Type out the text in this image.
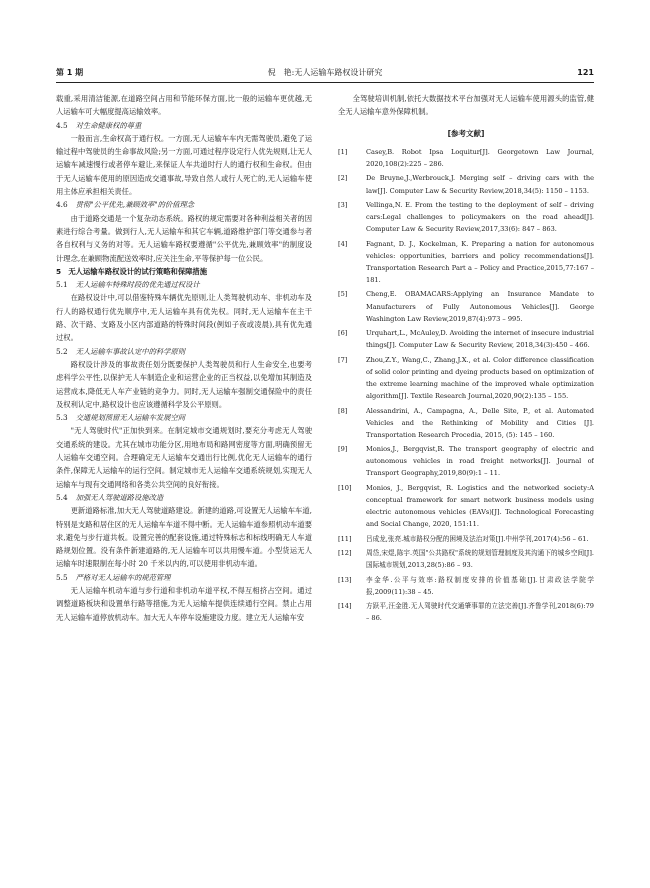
第 1 期	倪　艳:无人运输车路权设计研究	121

载重,采用清洁能源,在道路空间占用和节能环保方面,比一般的运输车更优越,无人运输车可大幅度提高运输效率。

4.5 对生命健康权的尊重

一般而言,生命权高于通行权。一方面,无人运输车车内无需驾驶员,避免了运输过程中驾驶员的生命事故风险;另一方面,可通过程序设定行人优先规则,让无人运输车减速慢行或者停车避让,来保证人车共道时行人的通行权和生命权。但由于无人运输车使用的原因造成交通事故,导致自然人或行人死亡的,无人运输车使用主体应承担相关责任。

4.6 贯彻"公平优先,兼顾效率"的价值理念

由于道路交通是一个复杂动态系统。路权的规定需要对各种利益相关者的因素进行综合考量。做到行人,无人运输车和其它车辆,道路维护部门等交通参与者各自权利与义务的对等。无人运输车路权要遵循"公平优先,兼顾效率"的制度设计理念,在兼顾物流配送效率时,应关注生命,平等保护每一位公民。

5　无人运输车路权设计的试行策略和保障措施
5.1 无人运输车特殊时段的优先通过权设计

在路权设计中,可以借鉴特殊车辆优先原则,让人类驾驶机动车、非机动车及行人的路权通行优先顺序中,无人运输车具有优先权。同时,无人运输车在主干路、次干路、支路及小区内部道路的特殊时间段(例如子夜或凌晨),具有优先通过权。

5.2 无人运输车事故认定中的科学原则

路权设计涉及的事故责任划分既要保护人类驾驶员和行人生命安全,也要考虑科学公平性,以保护无人车制造企业和运营企业的正当权益,以免增加其制造及运营成本,降低无人车产业链的竞争力。同时,无人运输车强制交通保险中的责任及权利认定中,路权设计也应该遵循科学及公平原则。

5.3 交通规划预留无人运输车发展空间

"无人驾驶时代"正加快到来。在制定城市交通规划时,要充分考虑无人驾驶交通系统的建设。尤其在城市功能分区,用地布局和路网密度等方面,明确预留无人运输车交通空间。合理确定无人运输车交通出行比例,优化无人运输车的通行条件,保障无人运输车的运行空间。制定城市无人运输车交通系统规划,实现无人运输车与现有交通网络和各类公共空间的良好衔接。

5.4 加强无人驾驶道路设施改造

更新道路标准,加大无人驾驶道路建设。新建的道路,可设置无人运输车车道,特别是支路和居住区的无人运输车车道不得中断。无人运输车道参照机动车道要求,避免与步行道共板。设置完善的配套设施,通过特殊标志和标线明确无人车道路规划位置。没有条件新建道路的,无人运输车可以共用慢车道。小型货运无人运输车时速限制在每小时 20 千米以内的,可以使用非机动车道。

5.5 严格对无人运输车的规范管理

无人运输车机动车道与步行道和非机动车道平权,不得互相挤占空间。通过调整道路板块和设置单行路等措施,为无人运输车提供连续通行空间。禁止占用无人运输车道停放机动车。加大无人车停车设施建设力度。建立无人运输车安

全驾驶培训机制,依托大数据技术平台加强对无人运输车使用源头的监管,健全无人运输车意外保障机制。

[参考文献]
[1]	Casey,B. Robot Ipsa Loquitur[J]. Georgetown Law Journal, 2020,108(2):225 – 286.
[2]	De Bruyne,J.,Werbrouck,J. Merging self – driving cars with the law[J]. Computer Law & Security Review,2018,34(5): 1150 – 1153.
[3]	Vellinga,N. E. From the testing to the deployment of self – driving cars:Legal challenges to policymakers on the road ahead[J]. Computer Law & Security Review,2017,33(6): 847 – 863.
[4]	Fagnant, D. J., Kockelman, K. Preparing a nation for autonomous vehicles: opportunities, barriers and policy recommendations[J]. Transportation Research Part a – Policy and Practice,2015,77:167 – 181.
[5]	Cheng,E. OBAMACARS:Applying an Insurance Mandate to Manufacturers of Fully Autonomous Vehicles[J]. George Washington Law Review,2019,87(4):973 – 995.
[6]	Urquhart,L., McAuley,D. Avoiding the internet of insecure industrial things[J]. Computer Law & Security Review, 2018,34(3):450 – 466.
[7]	Zhou,Z.Y., Wang,C., Zhang,J.X., et al. Color difference classification of solid color printing and dyeing products based on optimization of the extreme learning machine of the improved whale optimization algorithm[J]. Textile Research Journal,2020,90(2):135 – 155.
[8]	Alessandrini, A., Campagna, A., Delle Site, P., et al. Automated Vehicles and the Rethinking of Mobility and Cities [J]. Transportation Research Procedia, 2015, (5): 145 – 160.
[9]	Monios,J., Bergqvist,R. The transport geography of electric and autonomous vehicles in road freight networks[J]. Journal of Transport Geography,2019,80(9):1 – 11.
[10]	Monios, J., Bergqvist, R. Logistics and the networked society:A conceptual framework for smart network business models using electric autonomous vehicles (EAVs)[J]. Technological Forecasting and Social Change, 2020, 151:11.
[11]	吕成龙,张亮.城市路权分配的困境及法治对策[J].中州学刊,2017(4):56 – 61.
[12]	周岱,宋煜,陈宇.英国"公共路权"系统的规划管理制度及其沟通下的城乡空间[J].国际城市规划,2013,28(5):86 – 93.
[13]	李金华.公平与效率:路权制度安排的价值基础[J].甘肃政法学院学报,2009(11):38 – 45.
[14]	方跃平,汪金胜.无人驾驶时代交通肇事罪的立法完善[J].齐鲁学刊,2018(6):79 – 86.
